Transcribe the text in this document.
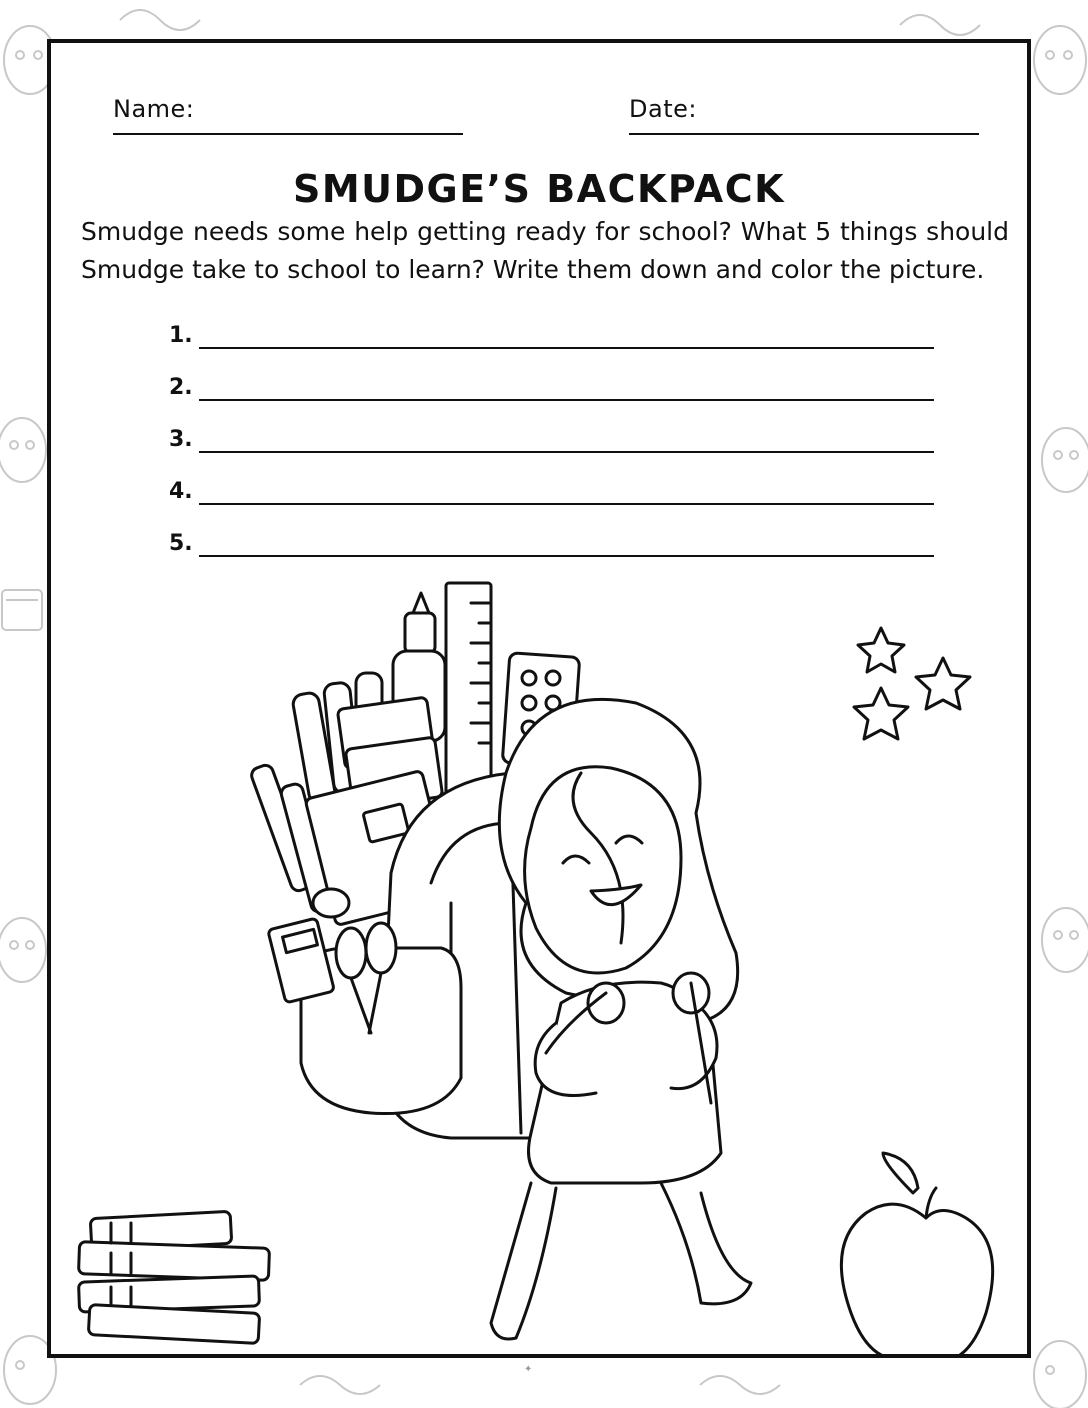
Name:	Date:
SMUDGE’S BACKPACK
Smudge needs some help getting ready for school? What 5 things should Smudge take to school to learn? Write them down and color the picture.
1.
2.
3.
4.
5.
✦
